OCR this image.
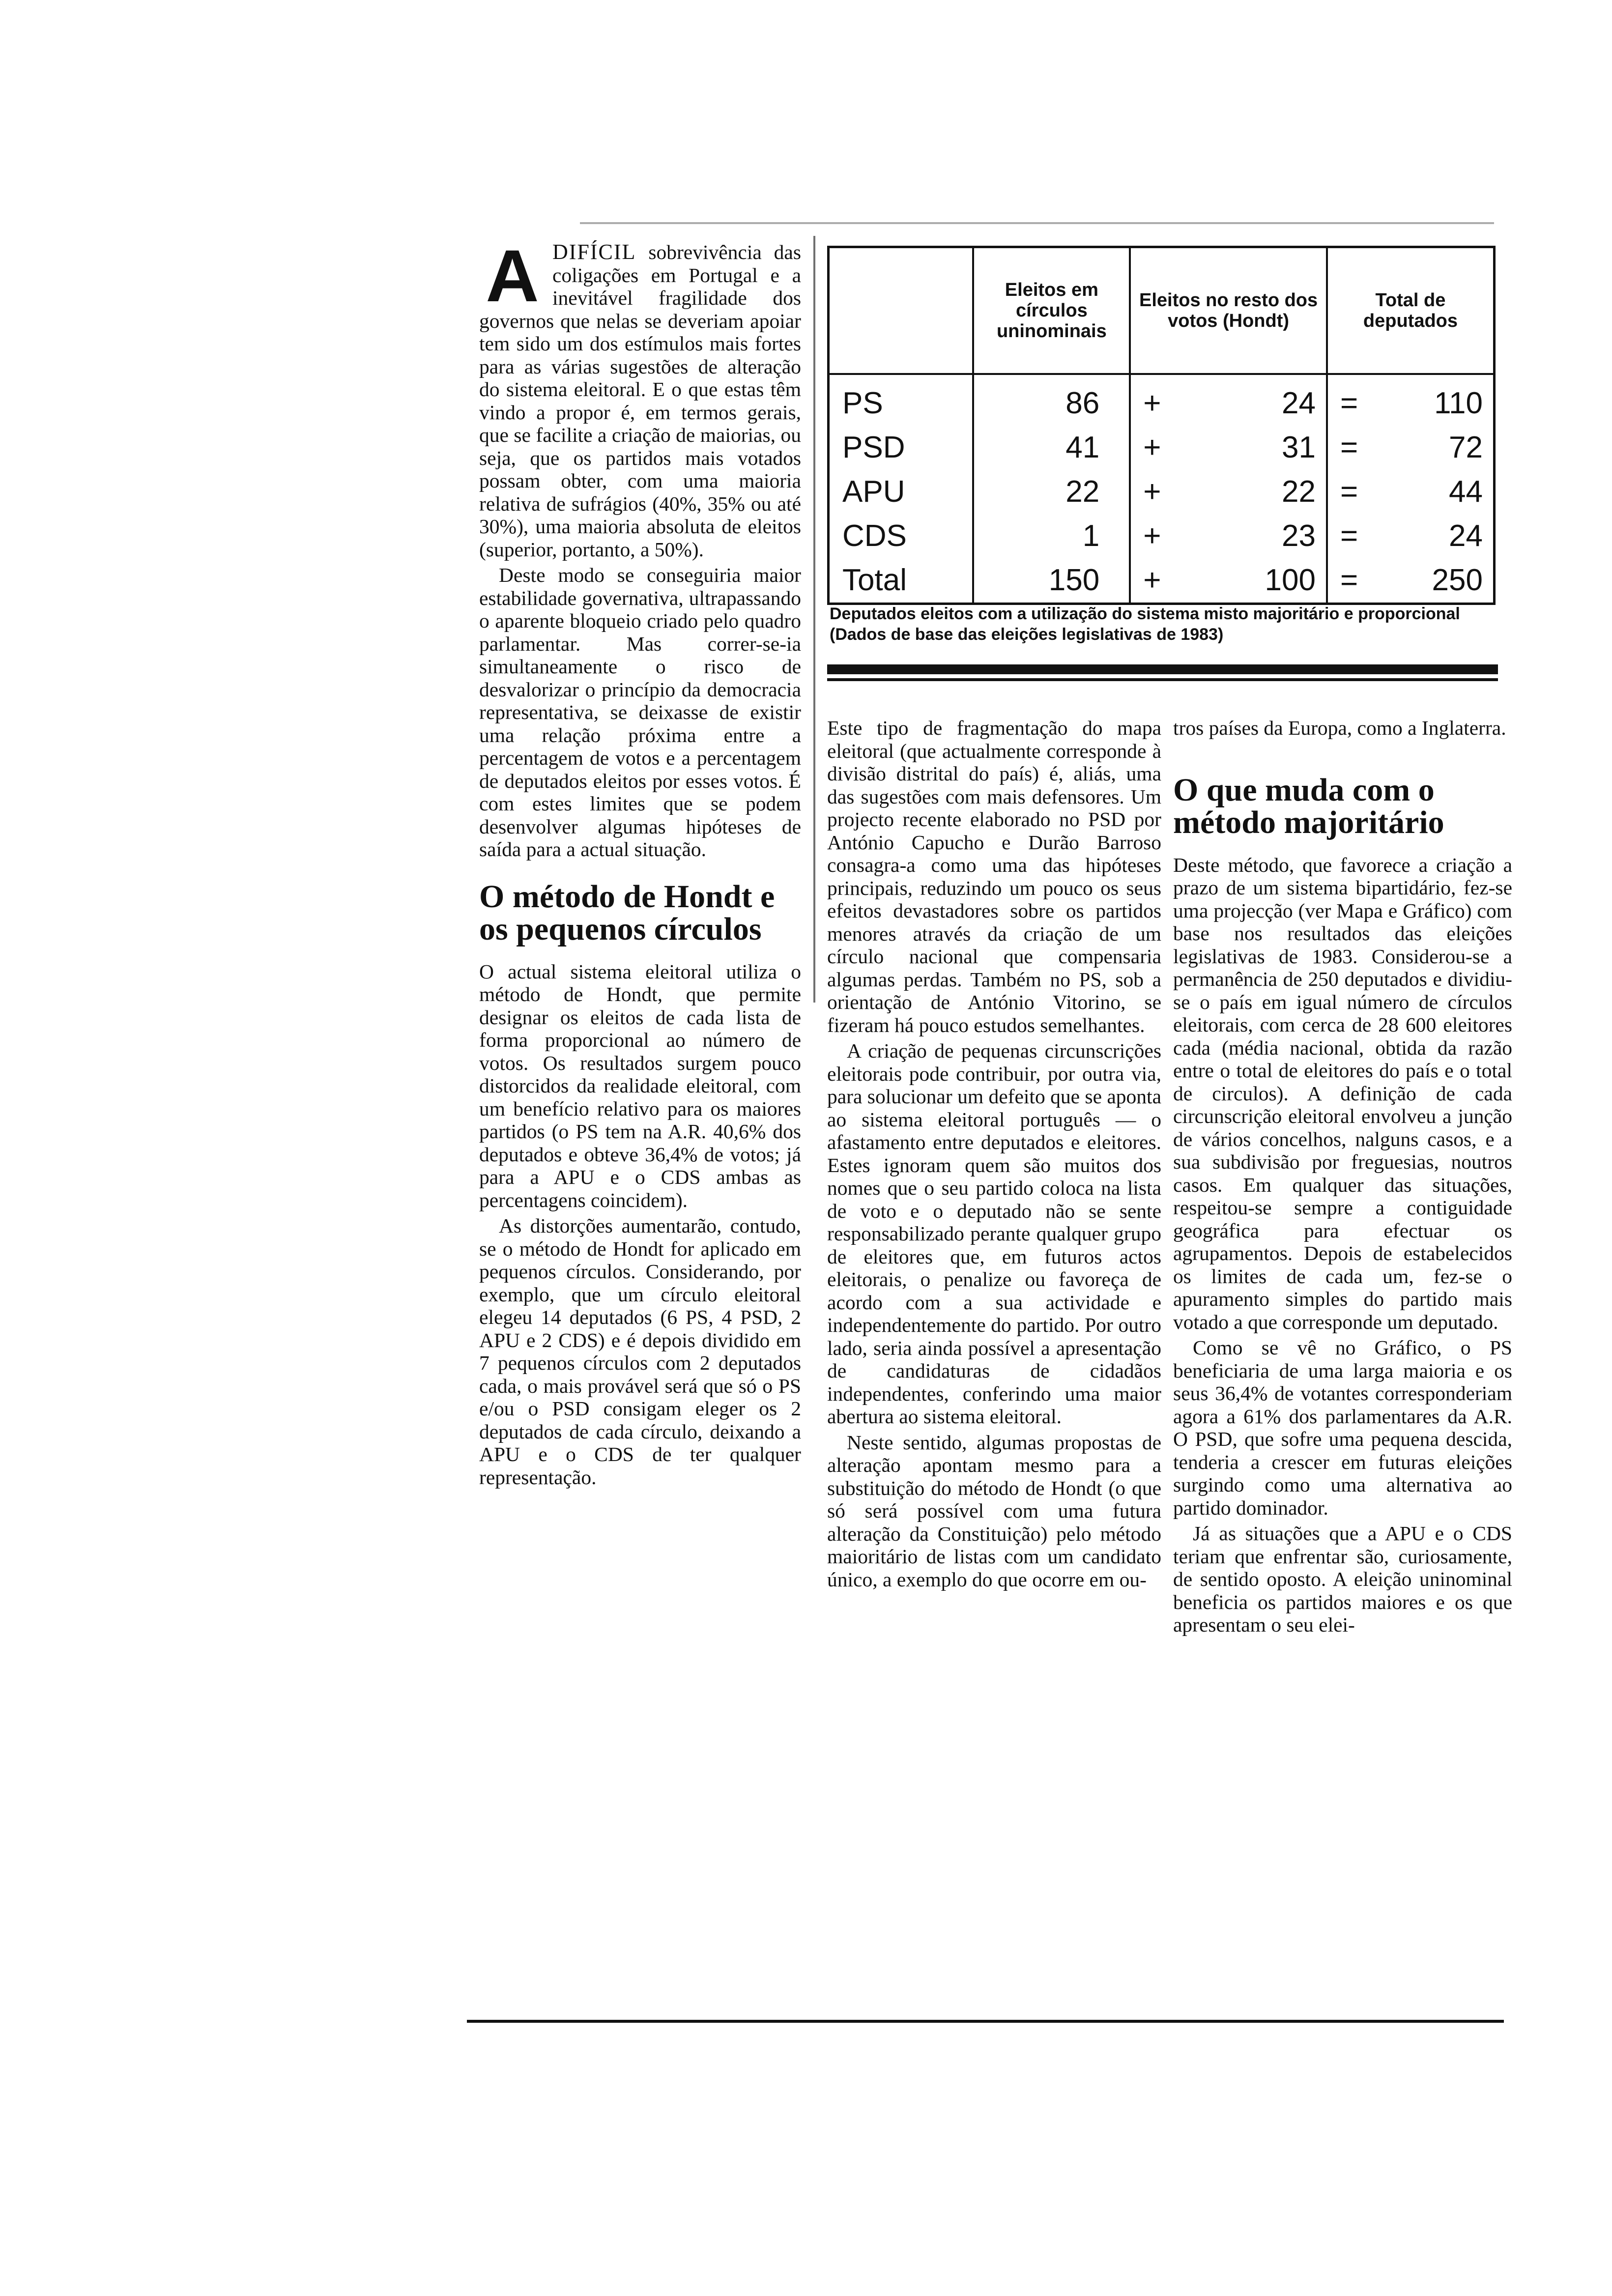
ADIFÍCIL sobrevivência das coligações em Portugal e a inevitável fragilidade dos governos que nelas se deveriam apoiar tem sido um dos estímulos mais fortes para as várias sugestões de alteração do sistema eleitoral. E o que estas têm vindo a propor é, em termos gerais, que se facilite a criação de maiorias, ou seja, que os partidos mais votados possam obter, com uma maioria relativa de sufrágios (40%, 35% ou até 30%), uma maioria absoluta de eleitos (superior, portanto, a 50%).

Deste modo se conseguiria maior estabilidade governativa, ultrapassando o aparente bloqueio criado pelo quadro parlamentar. Mas correr-se-ia simultaneamente o risco de desvalorizar o princípio da democracia representativa, se deixasse de existir uma relação próxima entre a percentagem de votos e a percentagem de deputados eleitos por esses votos. É com estes limites que se podem desenvolver algumas hipóteses de saída para a actual situação.

O método de Hondt e os pequenos círculos

O actual sistema eleitoral utiliza o método de Hondt, que permite designar os eleitos de cada lista de forma proporcional ao número de votos. Os resultados surgem pouco distorcidos da realidade eleitoral, com um benefício relativo para os maiores partidos (o PS tem na A.R. 40,6% dos deputados e obteve 36,4% de votos; já para a APU e o CDS ambas as percentagens coincidem).

As distorções aumentarão, contudo, se o método de Hondt for aplicado em pequenos círculos. Considerando, por exemplo, que um círculo eleitoral elegeu 14 deputados (6 PS, 4 PSD, 2 APU e 2 CDS) e é depois dividido em 7 pequenos círculos com 2 deputados cada, o mais provável será que só o PS e/ou o PSD consigam eleger os 2 deputados de cada círculo, deixando a APU e o CDS de ter qualquer representação.

	Eleitos em círculos uninominais	Eleitos no resto dos votos (Hondt)	Total de deputados
PS	86	+ 24	= 110

PSD	41	+ 31	= 72

APU	22	+ 22	= 44

CDS	1	+ 23	= 24

Total	150	+ 100	= 250
Deputados eleitos com a utilização do sistema misto majoritário e proporcional (Dados de base das eleições legislativas de 1983)

Este tipo de fragmentação do mapa eleitoral (que actualmente corresponde à divisão distrital do país) é, aliás, uma das sugestões com mais defensores. Um projecto recente elaborado no PSD por António Capucho e Durão Barroso consagra-a como uma das hipóteses principais, reduzindo um pouco os seus efeitos devastadores sobre os partidos menores através da criação de um círculo nacional que compensaria algumas perdas. Também no PS, sob a orientação de António Vitorino, se fizeram há pouco estudos semelhantes.

A criação de pequenas circunscrições eleitorais pode contribuir, por outra via, para solucionar um defeito que se aponta ao sistema eleitoral português — o afastamento entre deputados e eleitores. Estes ignoram quem são muitos dos nomes que o seu partido coloca na lista de voto e o deputado não se sente responsabilizado perante qualquer grupo de eleitores que, em futuros actos eleitorais, o penalize ou favoreça de acordo com a sua actividade e independentemente do partido. Por outro lado, seria ainda possível a apresentação de candidaturas de cidadãos independentes, conferindo uma maior abertura ao sistema eleitoral.

Neste sentido, algumas propostas de alteração apontam mesmo para a substituição do método de Hondt (o que só será possível com uma futura alteração da Constituição) pelo método maioritário de listas com um candidato único, a exemplo do que ocorre em ou-

tros países da Europa, como a Inglaterra.

O que muda com o método majoritário

Deste método, que favorece a criação a prazo de um sistema bipartidário, fez-se uma projecção (ver Mapa e Gráfico) com base nos resultados das eleições legislativas de 1983. Considerou-se a permanência de 250 deputados e dividiu-se o país em igual número de círculos eleitorais, com cerca de 28 600 eleitores cada (média nacional, obtida da razão entre o total de eleitores do país e o total de circulos). A definição de cada circunscrição eleitoral envolveu a junção de vários concelhos, nalguns casos, e a sua subdivisão por freguesias, noutros casos. Em qualquer das situações, respeitou-se sempre a contiguidade geográfica para efectuar os agrupamentos. Depois de estabelecidos os limites de cada um, fez-se o apuramento simples do partido mais votado a que corresponde um deputado.

Como se vê no Gráfico, o PS beneficiaria de uma larga maioria e os seus 36,4% de votantes corresponderiam agora a 61% dos parlamentares da A.R. O PSD, que sofre uma pequena descida, tenderia a crescer em futuras eleições surgindo como uma alternativa ao partido dominador.

Já as situações que a APU e o CDS teriam que enfrentar são, curiosamente, de sentido oposto. A eleição uninominal beneficia os partidos maiores e os que apresentam o seu elei-
